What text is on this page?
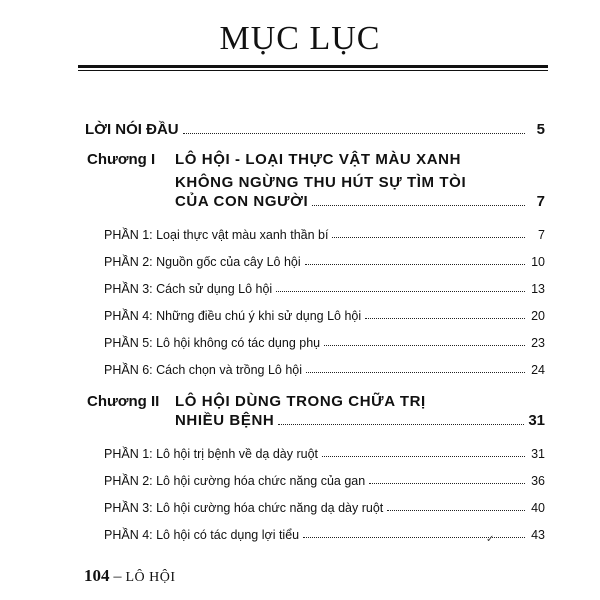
MỤC LỤC
LỜI NÓI ĐẦU	5
Chương I LÔ HỘI - LOẠI THỰC VẬT MÀU XANH
KHÔNG NGỪNG THU HÚT SỰ TÌM TÒI
CỦA CON NGƯỜI	7
PHẦN 1: Loại thực vật màu xanh thần bí	7
PHẦN 2: Nguồn gốc của cây Lô hội	10
PHẦN 3: Cách sử dụng Lô hội	13
PHẦN 4: Những điều chú ý khi sử dụng Lô hội	20
PHẦN 5: Lô hội không có tác dụng phụ	23
PHẦN 6: Cách chọn và trồng Lô hội	24
Chương II LÔ HỘI DÙNG TRONG CHỮA TRỊ
NHIỀU BỆNH	31
PHẦN 1: Lô hội trị bệnh về dạ dày ruột	31
PHẦN 2: Lô hội cường hóa chức năng của gan	36
PHẦN 3: Lô hội cường hóa chức năng dạ dày ruột	40
PHẦN 4: Lô hội có tác dụng lợi tiểu	43
✓
104 – LÔ HỘI
